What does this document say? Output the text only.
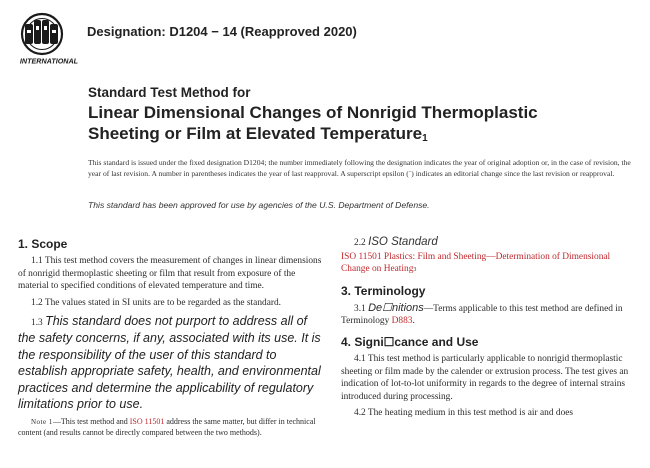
INTERNATIONAL
Designation: D1204 − 14 (Reapproved 2020)
Standard Test Method for
Linear Dimensional Changes of Nonrigid Thermoplastic
Sheeting or Film at Elevated Temperature1
This standard is issued under the fixed designation D1204; the number immediately following the designation indicates the year of original adoption or, in the case of revision, the year of last revision. A number in parentheses indicates the year of last reapproval. A superscript epsilon (´) indicates an editorial change since the last revision or reapproval.
This standard has been approved for use by agencies of the U.S. Department of Defense.
1. Scope

1.1 This test method covers the measurement of changes in linear dimensions of nonrigid thermoplastic sheeting or film that result from exposure of the material to specified conditions of elevated temperature and time.

1.2 The values stated in SI units are to be regarded as the standard.

1.3 This standard does not purport to address all of the safety concerns, if any, associated with its use. It is the responsibility of the user of this standard to establish appropriate safety, health, and environmental practices and determine the applicability of regulatory limitations prior to use.

Note 1—This test method and ISO 11501 address the same matter, but differ in technical content (and results cannot be directly compared between the two methods).

2.2 ISO Standard

ISO 11501 Plastics: Film and Sheeting—Determination of Dimensional Change on Heating3

3. Terminology

3.1 De☐nitions—Terms applicable to this test method are defined in Terminology D883.

4. Signi☐cance and Use

4.1 This test method is particularly applicable to nonrigid thermoplastic sheeting or film made by the calender or extrusion process. The test gives an indication of lot-to-lot uniformity in regards to the degree of internal strains introduced during processing.

4.2 The heating medium in this test method is air and does
